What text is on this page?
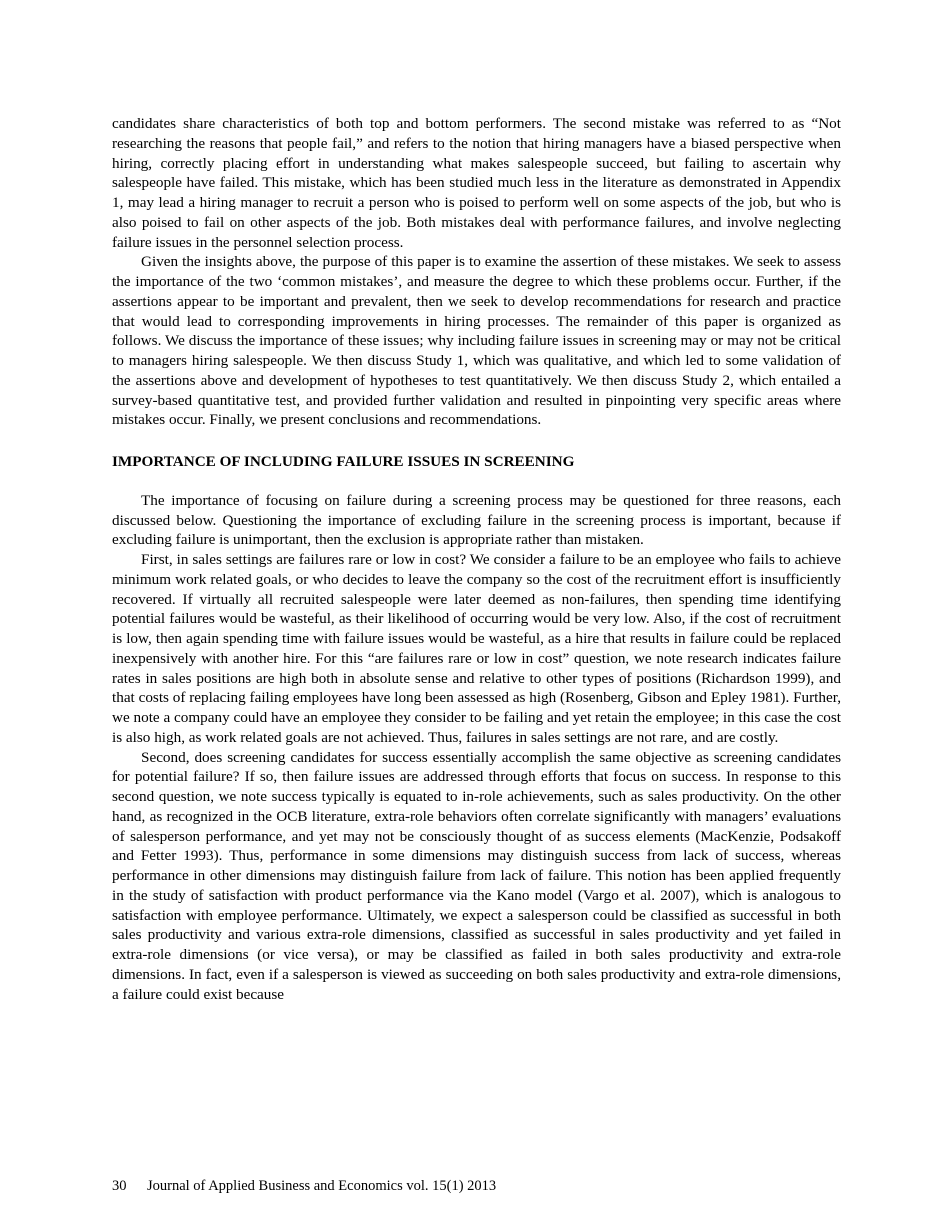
candidates share characteristics of both top and bottom performers. The second mistake was referred to as “Not researching the reasons that people fail,” and refers to the notion that hiring managers have a biased perspective when hiring, correctly placing effort in understanding what makes salespeople succeed, but failing to ascertain why salespeople have failed. This mistake, which has been studied much less in the literature as demonstrated in Appendix 1, may lead a hiring manager to recruit a person who is poised to perform well on some aspects of the job, but who is also poised to fail on other aspects of the job. Both mistakes deal with performance failures, and involve neglecting failure issues in the personnel selection process.

Given the insights above, the purpose of this paper is to examine the assertion of these mistakes. We seek to assess the importance of the two ‘common mistakes’, and measure the degree to which these problems occur. Further, if the assertions appear to be important and prevalent, then we seek to develop recommendations for research and practice that would lead to corresponding improvements in hiring processes. The remainder of this paper is organized as follows. We discuss the importance of these issues; why including failure issues in screening may or may not be critical to managers hiring salespeople. We then discuss Study 1, which was qualitative, and which led to some validation of the assertions above and development of hypotheses to test quantitatively. We then discuss Study 2, which entailed a survey-based quantitative test, and provided further validation and resulted in pinpointing very specific areas where mistakes occur. Finally, we present conclusions and recommendations.

IMPORTANCE OF INCLUDING FAILURE ISSUES IN SCREENING

The importance of focusing on failure during a screening process may be questioned for three reasons, each discussed below. Questioning the importance of excluding failure in the screening process is important, because if excluding failure is unimportant, then the exclusion is appropriate rather than mistaken.

First, in sales settings are failures rare or low in cost? We consider a failure to be an employee who fails to achieve minimum work related goals, or who decides to leave the company so the cost of the recruitment effort is insufficiently recovered. If virtually all recruited salespeople were later deemed as non-failures, then spending time identifying potential failures would be wasteful, as their likelihood of occurring would be very low. Also, if the cost of recruitment is low, then again spending time with failure issues would be wasteful, as a hire that results in failure could be replaced inexpensively with another hire. For this “are failures rare or low in cost” question, we note research indicates failure rates in sales positions are high both in absolute sense and relative to other types of positions (Richardson 1999), and that costs of replacing failing employees have long been assessed as high (Rosenberg, Gibson and Epley 1981). Further, we note a company could have an employee they consider to be failing and yet retain the employee; in this case the cost is also high, as work related goals are not achieved. Thus, failures in sales settings are not rare, and are costly.

Second, does screening candidates for success essentially accomplish the same objective as screening candidates for potential failure? If so, then failure issues are addressed through efforts that focus on success. In response to this second question, we note success typically is equated to in-role achievements, such as sales productivity. On the other hand, as recognized in the OCB literature, extra-role behaviors often correlate significantly with managers’ evaluations of salesperson performance, and yet may not be consciously thought of as success elements (MacKenzie, Podsakoff and Fetter 1993). Thus, performance in some dimensions may distinguish success from lack of success, whereas performance in other dimensions may distinguish failure from lack of failure. This notion has been applied frequently in the study of satisfaction with product performance via the Kano model (Vargo et al. 2007), which is analogous to satisfaction with employee performance. Ultimately, we expect a salesperson could be classified as successful in both sales productivity and various extra-role dimensions, classified as successful in sales productivity and yet failed in extra-role dimensions (or vice versa), or may be classified as failed in both sales productivity and extra-role dimensions. In fact, even if a salesperson is viewed as succeeding on both sales productivity and extra-role dimensions, a failure could exist because

30 Journal of Applied Business and Economics vol. 15(1) 2013
